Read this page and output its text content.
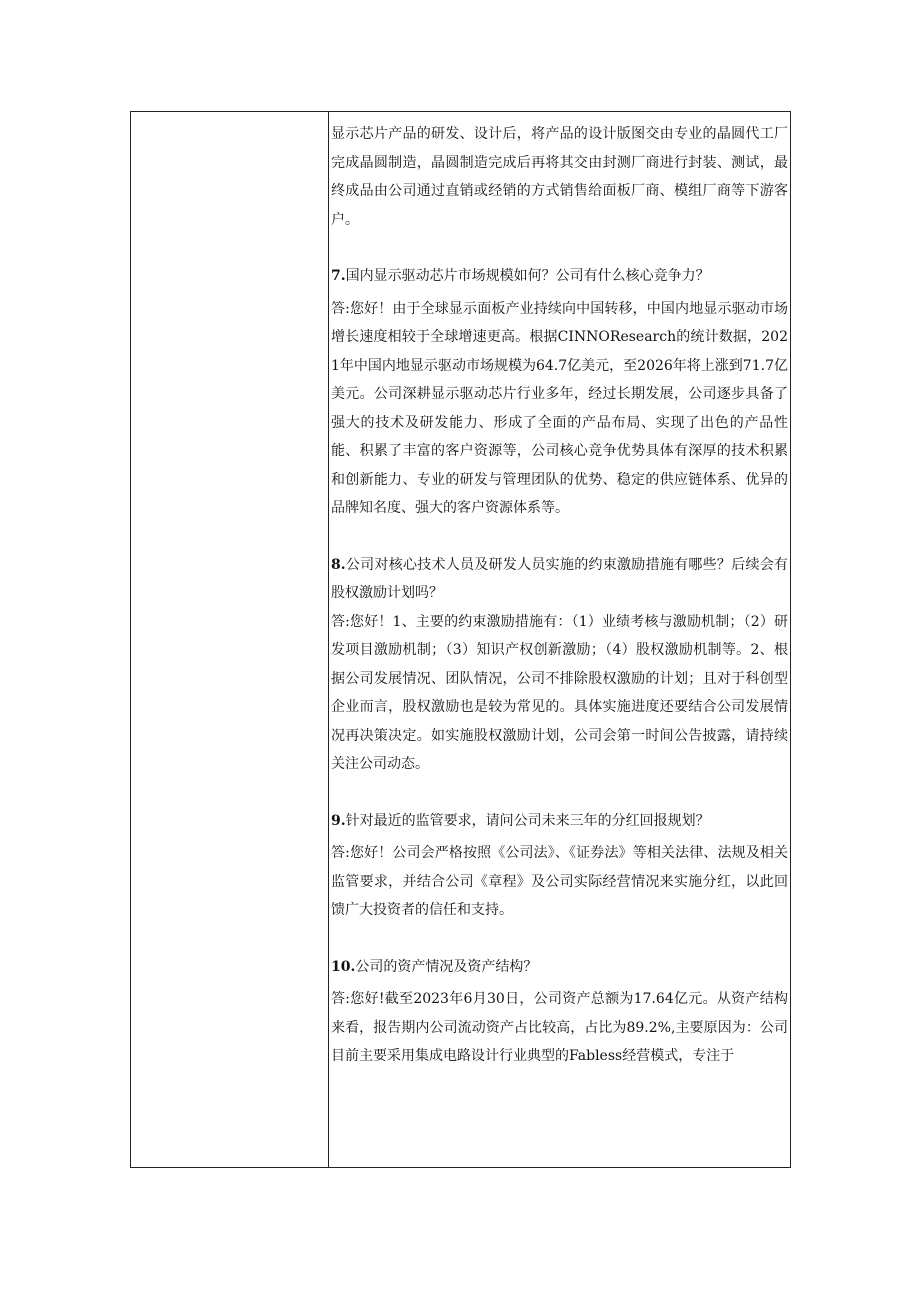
显示芯片产品的研发、设计后，将产品的设计版图交由专业的晶圆代工厂完成晶圆制造，晶圆制造完成后再将其交由封测厂商进行封装、测试，最终成品由公司通过直销或经销的方式销售给面板厂商、模组厂商等下游客户。

7.国内显示驱动芯片市场规模如何？公司有什么核心竞争力？

答:您好！由于全球显示面板产业持续向中国转移，中国内地显示驱动市场增长速度相较于全球增速更高。根据CINNOResearch的统计数据，2021年中国内地显示驱动市场规模为64.7亿美元，至2026年将上涨到71.7亿美元。公司深耕显示驱动芯片行业多年，经过长期发展，公司逐步具备了强大的技术及研发能力、形成了全面的产品布局、实现了出色的产品性能、积累了丰富的客户资源等，公司核心竞争优势具体有深厚的技术积累和创新能力、专业的研发与管理团队的优势、稳定的供应链体系、优异的品牌知名度、强大的客户资源体系等。

8.公司对核心技术人员及研发人员实施的约束激励措施有哪些？后续会有股权激励计划吗？

答:您好！1、主要的约束激励措施有：（1）业绩考核与激励机制；（2）研发项目激励机制；（3）知识产权创新激励；（4）股权激励机制等。2、根据公司发展情况、团队情况，公司不排除股权激励的计划；且对于科创型企业而言，股权激励也是较为常见的。具体实施进度还要结合公司发展情况再决策决定。如实施股权激励计划，公司会第一时间公告披露，请持续关注公司动态。

9.针对最近的监管要求，请问公司未来三年的分红回报规划？

答:您好！公司会严格按照《公司法》、《证券法》等相关法律、法规及相关监管要求，并结合公司《章程》及公司实际经营情况来实施分红，以此回馈广大投资者的信任和支持。

10.公司的资产情况及资产结构？

答:您好!截至2023年6月30日，公司资产总额为17.64亿元。从资产结构来看，报告期内公司流动资产占比较高，占比为89.2%,主要原因为：公司目前主要采用集成电路设计行业典型的Fabless经营模式，专注于
